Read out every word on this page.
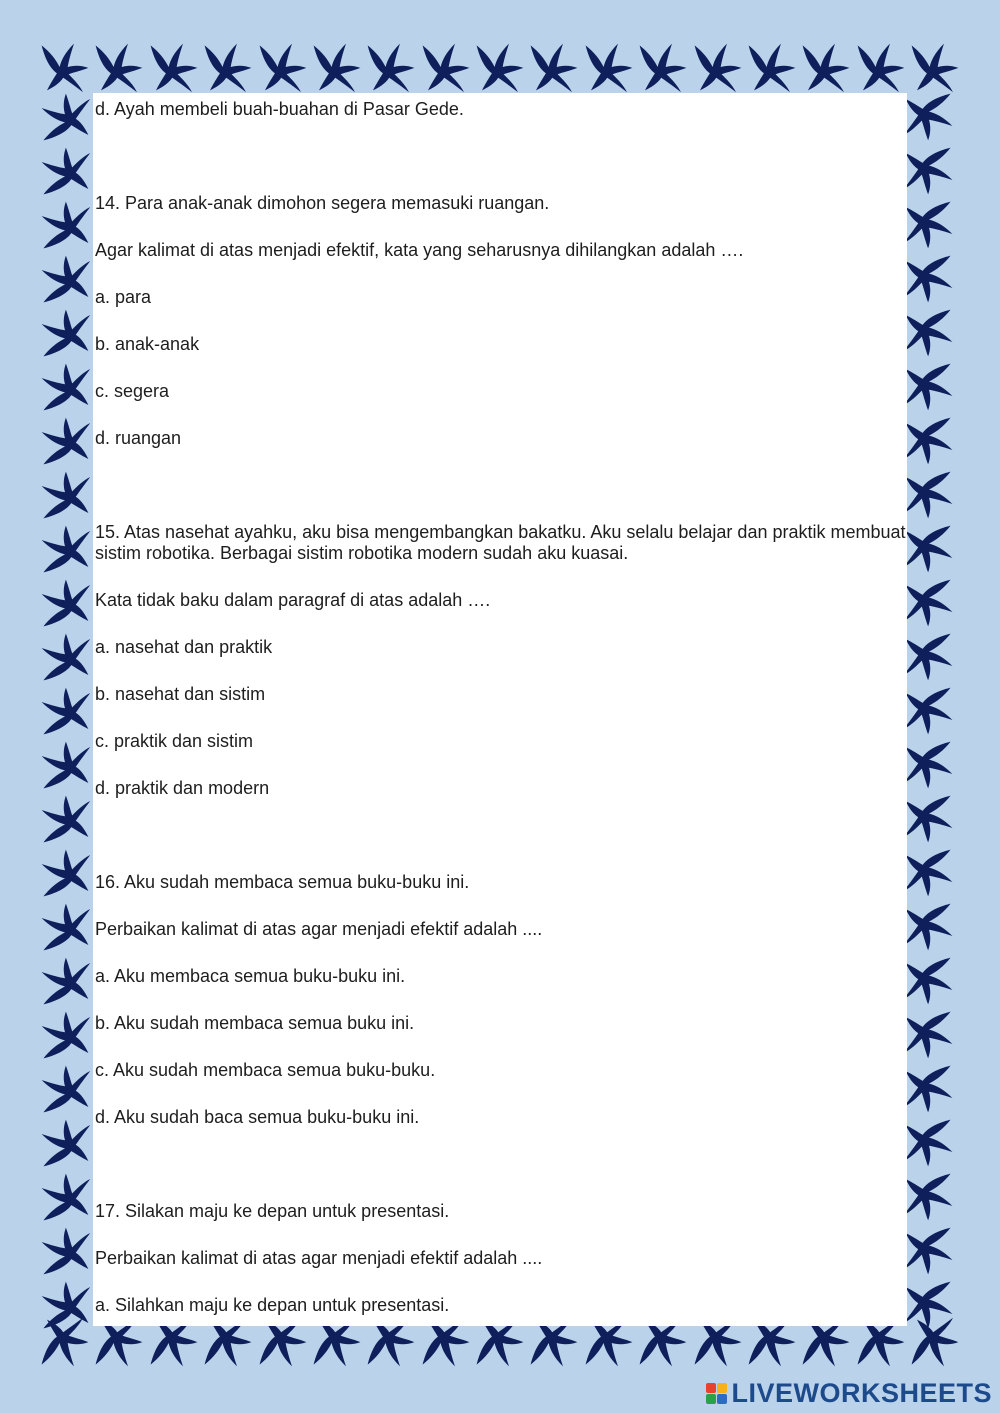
d. Ayah membeli buah-buahan di Pasar Gede.

14. Para anak-anak dimohon segera memasuki ruangan.

Agar kalimat di atas menjadi efektif, kata yang seharusnya dihilangkan adalah ….

a. para

b. anak-anak

c. segera

d. ruangan

15. Atas nasehat ayahku, aku bisa mengembangkan bakatku. Aku selalu belajar dan praktik membuat sistim robotika. Berbagai sistim robotika modern sudah aku kuasai.

Kata tidak baku dalam paragraf di atas adalah ….

a. nasehat dan praktik

b. nasehat dan sistim

c. praktik dan sistim

d. praktik dan modern

16. Aku sudah membaca semua buku-buku ini.

Perbaikan kalimat di atas agar menjadi efektif adalah ....

a. Aku membaca semua buku-buku ini.

b. Aku sudah membaca semua buku ini.

c. Aku sudah membaca semua buku-buku.

d. Aku sudah baca semua buku-buku ini.

17. Silakan maju ke depan untuk presentasi.

Perbaikan kalimat di atas agar menjadi efektif adalah ....

a. Silahkan maju ke depan untuk presentasi.

LIVEWORKSHEETS
